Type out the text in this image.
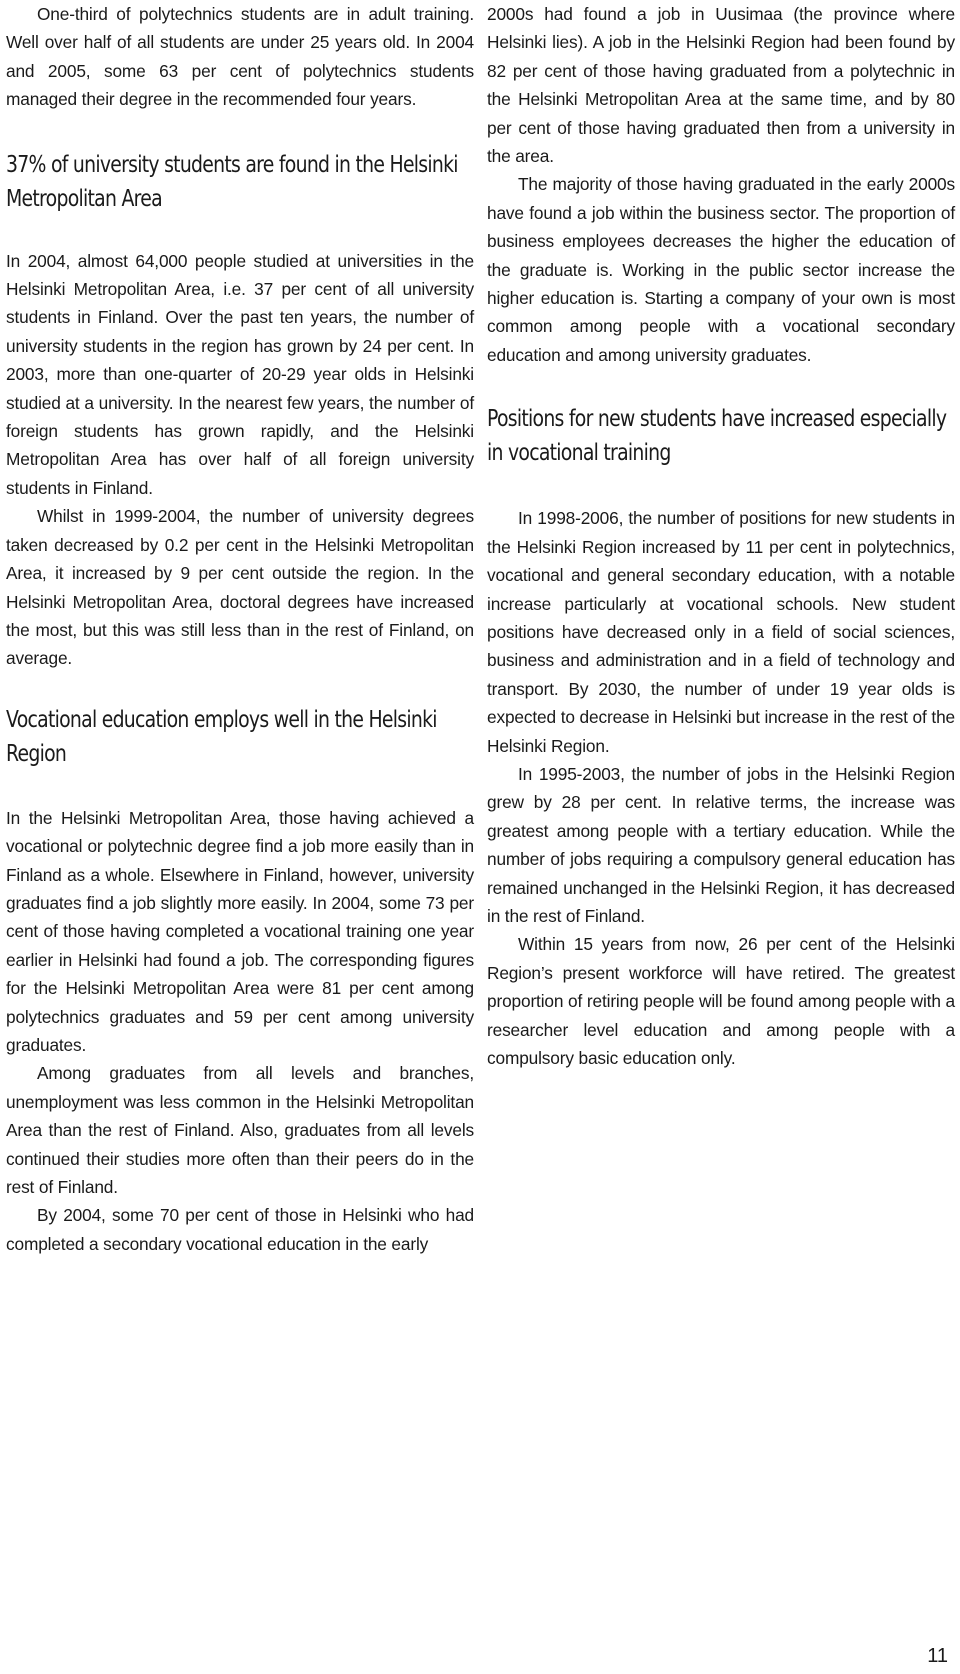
One-third of polytechnics students are in adult training. Well over half of all students are under 25 years old. In 2004 and 2005, some 63 per cent of polytechnics students managed their degree in the recommended four years.

37% of university students are found in the Helsinki Metropolitan Area

In 2004, almost 64,000 people studied at universities in the Helsinki Metropolitan Area, i.e. 37 per cent of all university students in Finland. Over the past ten years, the number of university students in the region has grown by 24 per cent. In 2003, more than one-quarter of 20-29 year olds in Helsinki studied at a university. In the nearest few years, the number of foreign students has grown rapidly, and the Helsinki Metropolitan Area has over half of all foreign university students in Finland.

Whilst in 1999-2004, the number of university degrees taken decreased by 0.2 per cent in the Helsinki Metropolitan Area, it increased by 9 per cent outside the region. In the Helsinki Metropolitan Area, doctoral degrees have increased the most, but this was still less than in the rest of Finland, on average.

Vocational education employs well in the Helsinki Region

In the Helsinki Metropolitan Area, those having achieved a vocational or polytechnic degree find a job more easily than in Finland as a whole. Elsewhere in Finland, however, university graduates find a job slightly more easily. In 2004, some 73 per cent of those having completed a vocational training one year earlier in Helsinki had found a job. The corresponding figures for the Helsinki Metropolitan Area were 81 per cent among polytechnics graduates and 59 per cent among university graduates.

Among graduates from all levels and branches, unemployment was less common in the Helsinki Metropolitan Area than the rest of Finland. Also, graduates from all levels continued their studies more often than their peers do in the rest of Finland.

By 2004, some 70 per cent of those in Helsinki who had completed a secondary vocational education in the early

2000s had found a job in Uusimaa (the province where Helsinki lies). A job in the Helsinki Region had been found by 82 per cent of those having graduated from a polytechnic in the Helsinki Metropolitan Area at the same time, and by 80 per cent of those having graduated then from a university in the area.

The majority of those having graduated in the early 2000s have found a job within the business sector. The proportion of business employees decreases the higher the education of the graduate is. Working in the public sector increase the higher education is. Starting a company of your own is most common among people with a vocational secondary education and among university graduates.

Positions for new students have increased especially in vocational training

In 1998-2006, the number of positions for new students in the Helsinki Region increased by 11 per cent in polytechnics, vocational and general secondary education, with a notable increase particularly at vocational schools. New student positions have decreased only in a field of social sciences, business and administration and in a field of technology and transport. By 2030, the number of under 19 year olds is expected to decrease in Helsinki but increase in the rest of the Helsinki Region.

In 1995-2003, the number of jobs in the Helsinki Region grew by 28 per cent. In relative terms, the increase was greatest among people with a tertiary education. While the number of jobs requiring a compulsory general education has remained unchanged in the Helsinki Region, it has decreased in the rest of Finland.

Within 15 years from now, 26 per cent of the Helsinki Region’s present workforce will have retired. The greatest proportion of retiring people will be found among people with a researcher level education and among people with a compulsory basic education only.

11
